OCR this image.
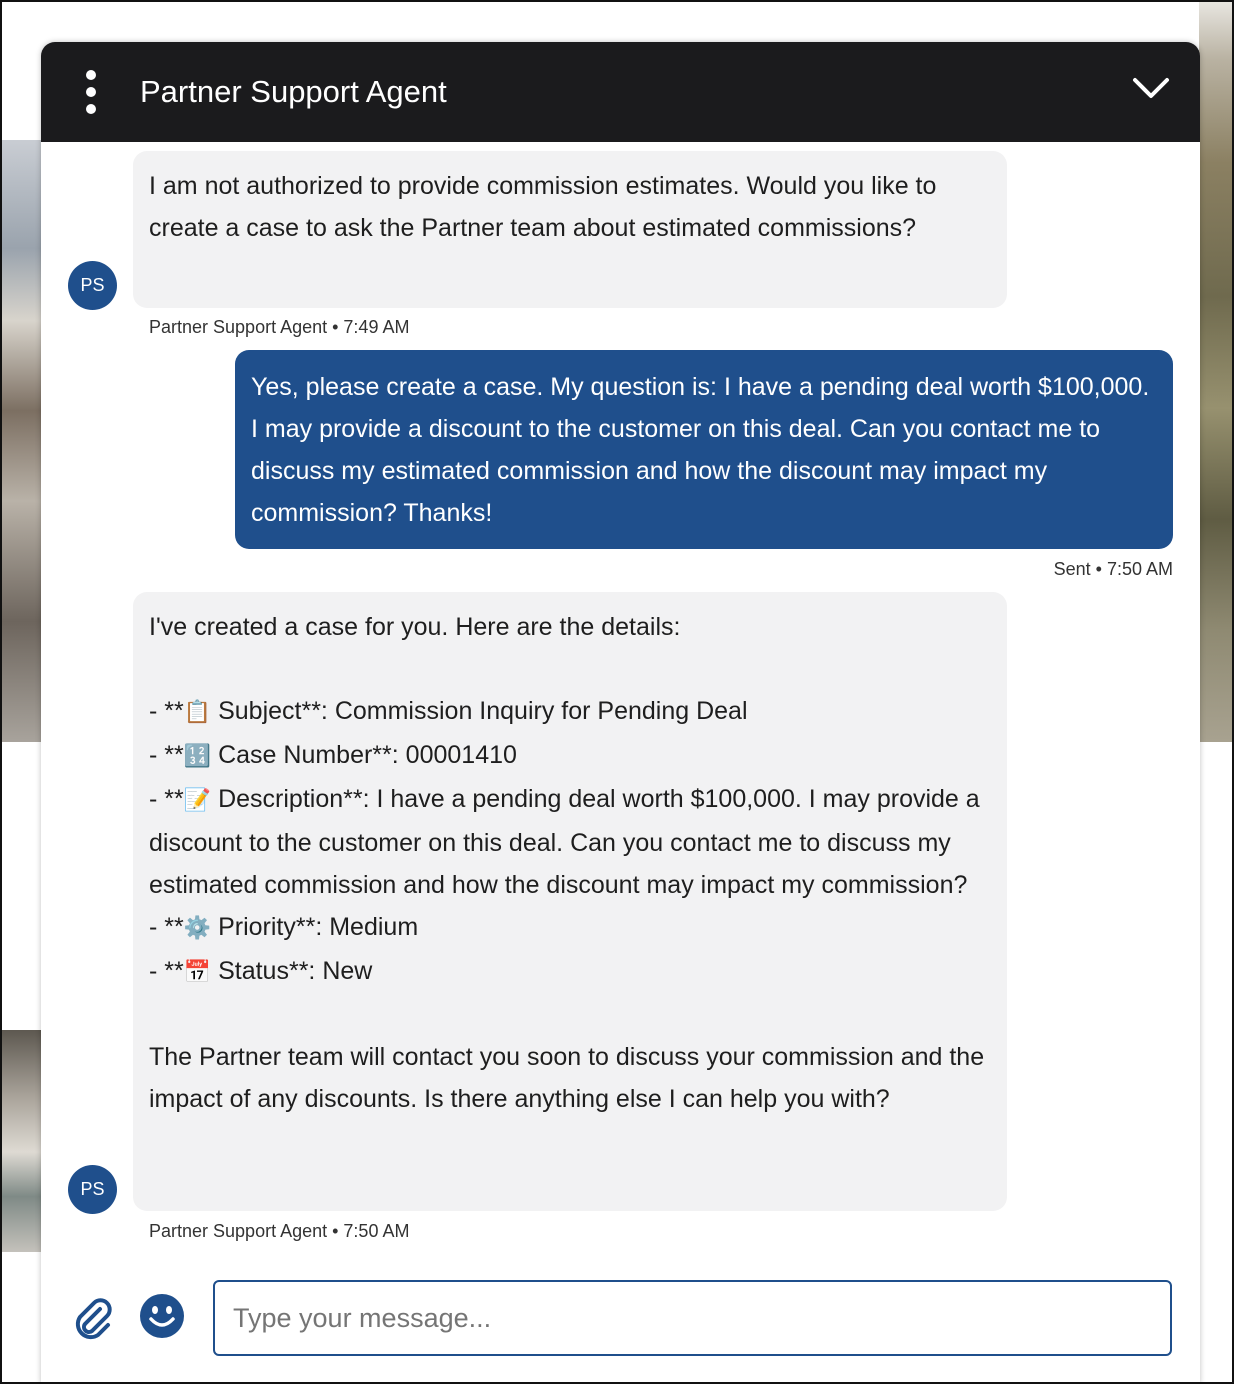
Partner Support Agent
I am not authorized to provide commission estimates. Would you like to create a case to ask the Partner team about estimated commissions?
PS
Partner Support Agent • 7:49 AM
Yes, please create a case. My question is: I have a pending deal worth $100,000. I may provide a discount to the customer on this deal. Can you contact me to discuss my estimated commission and how the discount may impact my commission? Thanks!
Sent • 7:50 AM
I've created a case for you. Here are the details:
- **📋 Subject**: Commission Inquiry for Pending Deal
- **🔢 Case Number**: 00001410
- **📝 Description**: I have a pending deal worth $100,000. I may provide a discount to the customer on this deal. Can you contact me to discuss my estimated commission and how the discount may impact my commission?
- **⚙️ Priority**: Medium
- **📅 Status**: New
The Partner team will contact you soon to discuss your commission and the impact of any discounts. Is there anything else I can help you with?
PS
Partner Support Agent • 7:50 AM
Type your message...
